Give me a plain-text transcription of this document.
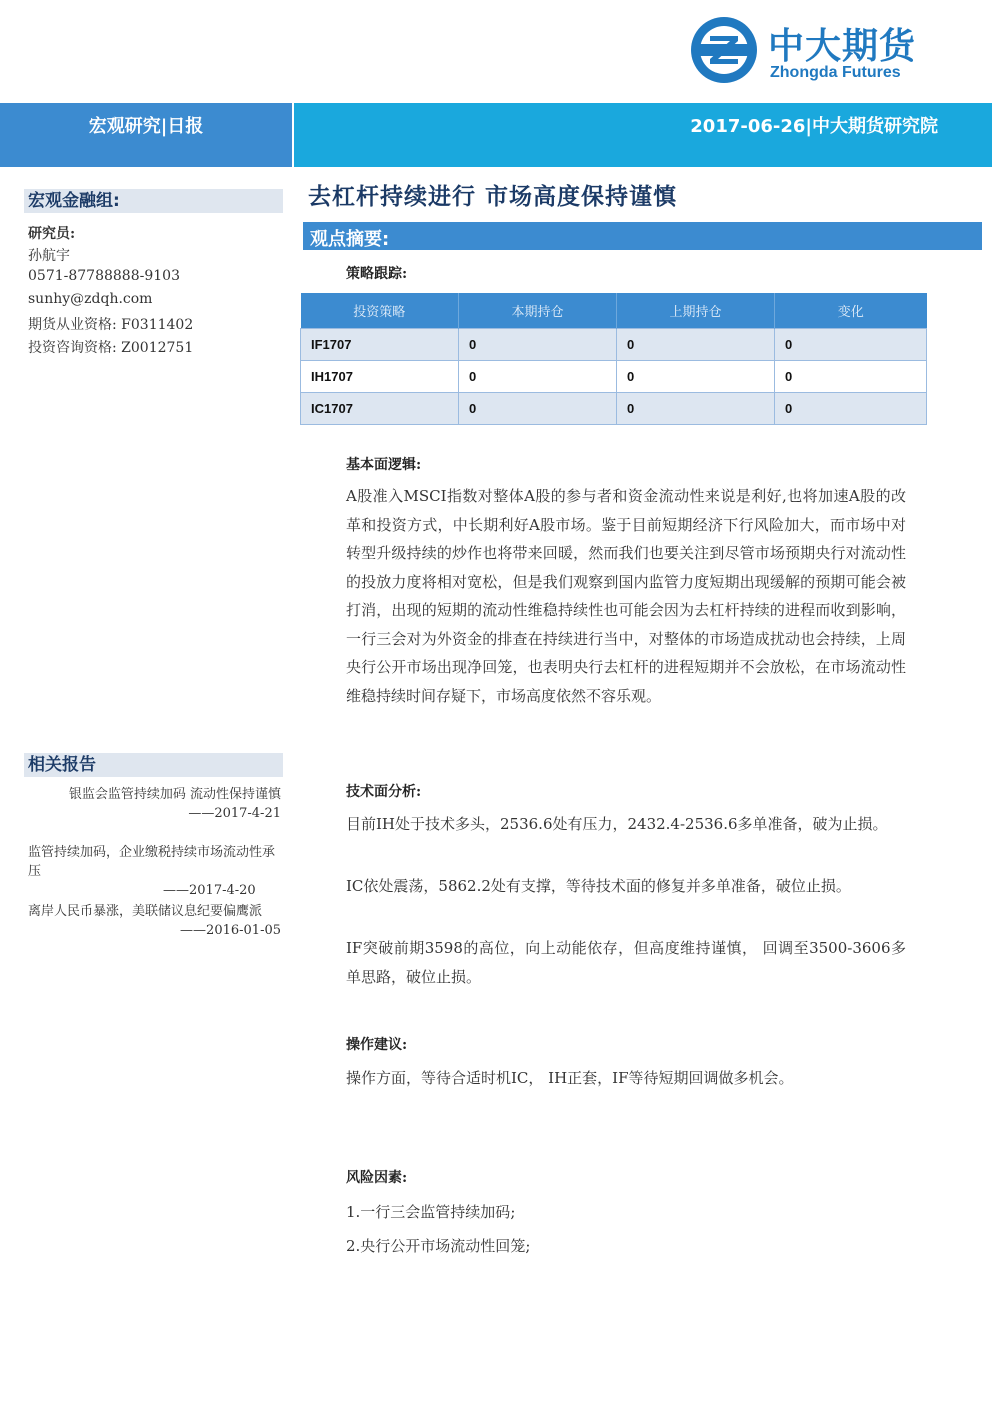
中大期货
Zhongda Futures
宏观研究|日报	2017-06-26|中大期货研究院
宏观金融组:
研究员:
孙航宇
0571-87788888-9103
sunhy@zdqh.com
期货从业资格: F0311402
投资咨询资格: Z0012751
相关报告
银监会监管持续加码 流动性保持谨慎
——2017-4-21
监管持续加码，企业缴税持续市场流动性承压
——2017-4-20
离岸人民币暴涨，美联储议息纪要偏鹰派
——2016-01-05
去杠杆持续进行 市场高度保持谨慎
观点摘要:
策略跟踪:
投资策略	本期持仓	上期持仓	变化
IF1707	0	0	0
IH1707	0	0	0
IC1707	0	0	0
基本面逻辑:
A股准入MSCI指数对整体A股的参与者和资金流动性来说是利好,也将加速A股的改革和投资方式，中长期利好A股市场。鉴于目前短期经济下行风险加大，而市场中对转型升级持续的炒作也将带来回暖，然而我们也要关注到尽管市场预期央行对流动性的投放力度将相对宽松，但是我们观察到国内监管力度短期出现缓解的预期可能会被打消，出现的短期的流动性维稳持续性也可能会因为去杠杆持续的进程而收到影响，一行三会对为外资金的排查在持续进行当中，对整体的市场造成扰动也会持续，上周央行公开市场出现净回笼，也表明央行去杠杆的进程短期并不会放松，在市场流动性维稳持续时间存疑下，市场高度依然不容乐观。
技术面分析:
目前IH处于技术多头，2536.6处有压力，2432.4-2536.6多单准备，破为止损。
IC依处震荡，5862.2处有支撑，等待技术面的修复并多单准备，破位止损。
IF突破前期3598的高位，向上动能依存，但高度维持谨慎， 回调至3500-3606多单思路，破位止损。
操作建议:
操作方面，等待合适时机IC， IH正套，IF等待短期回调做多机会。
风险因素:
1.一行三会监管持续加码;
2.央行公开市场流动性回笼;
